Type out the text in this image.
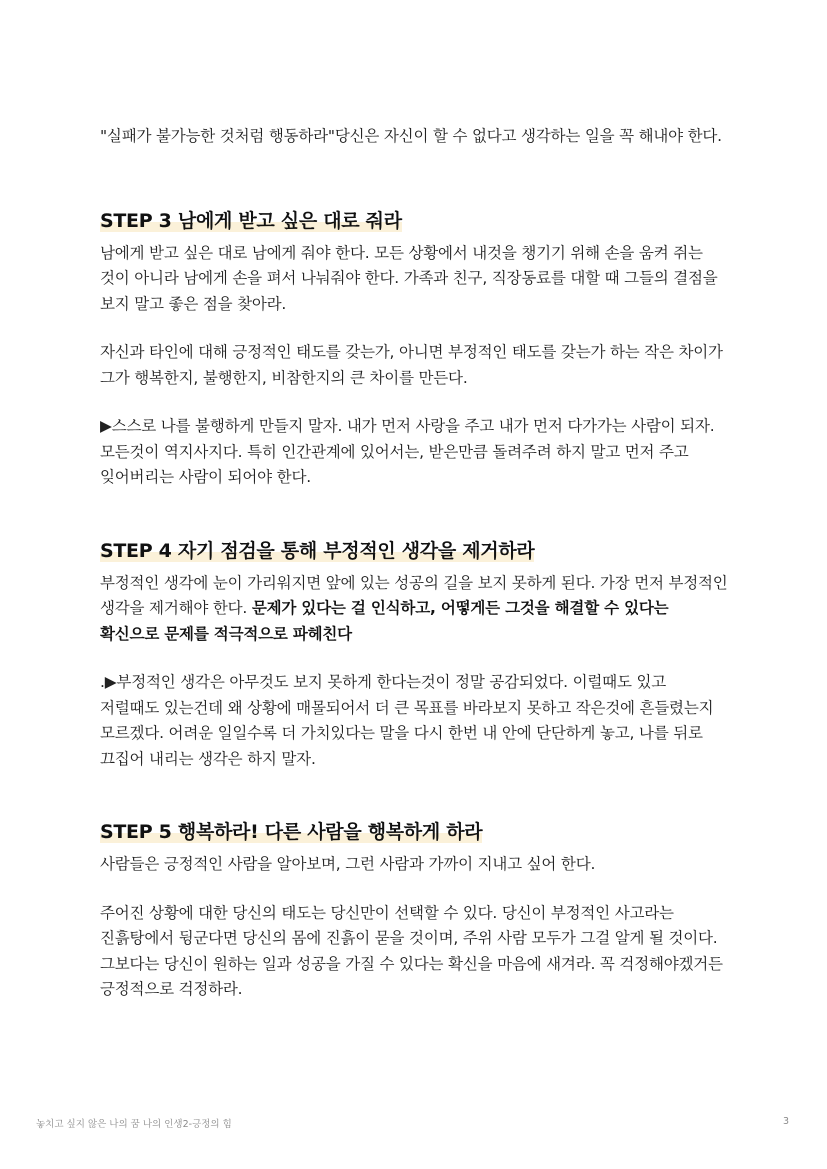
"실패가 불가능한 것처럼 행동하라"당신은 자신이 할 수 없다고 생각하는 일을 꼭 해내야 한다.

STEP 3 남에게 받고 싶은 대로 줘라

남에게 받고 싶은 대로 남에게 줘야 한다. 모든 상황에서 내것을 챙기기 위해 손을 움켜 쥐는 것이 아니라 남에게 손을 펴서 나눠줘야 한다. 가족과 친구, 직장동료를 대할 때 그들의 결점을 보지 말고 좋은 점을 찾아라.

자신과 타인에 대해 긍정적인 태도를 갖는가, 아니면 부정적인 태도를 갖는가 하는 작은 차이가 그가 행복한지, 불행한지, 비참한지의 큰 차이를 만든다.

▶스스로 나를 불행하게 만들지 말자. 내가 먼저 사랑을 주고 내가 먼저 다가가는 사람이 되자. 모든것이 역지사지다. 특히 인간관계에 있어서는, 받은만큼 돌려주려 하지 말고 먼저 주고 잊어버리는 사람이 되어야 한다.

STEP 4 자기 점검을 통해 부정적인 생각을 제거하라

부정적인 생각에 눈이 가리워지면 앞에 있는 성공의 길을 보지 못하게 된다. 가장 먼저 부정적인 생각을 제거해야 한다. 문제가 있다는 걸 인식하고, 어떻게든 그것을 해결할 수 있다는 확신으로 문제를 적극적으로 파헤친다

.▶부정적인 생각은 아무것도 보지 못하게 한다는것이 정말 공감되었다. 이럴때도 있고 저럴때도 있는건데 왜 상황에 매몰되어서 더 큰 목표를 바라보지 못하고 작은것에 흔들렸는지 모르겠다. 어려운 일일수록 더 가치있다는 말을 다시 한번 내 안에 단단하게 놓고, 나를 뒤로 끄집어 내리는 생각은 하지 말자.

STEP 5 행복하라! 다른 사람을 행복하게 하라

사람들은 긍정적인 사람을 알아보며, 그런 사람과 가까이 지내고 싶어 한다.

주어진 상황에 대한 당신의 태도는 당신만이 선택할 수 있다. 당신이 부정적인 사고라는 진흙탕에서 뒹군다면 당신의 몸에 진흙이 묻을 것이며, 주위 사람 모두가 그걸 알게 될 것이다. 그보다는 당신이 원하는 일과 성공을 가질 수 있다는 확신을 마음에 새겨라. 꼭 걱정해야겠거든 긍정적으로 걱정하라.

놓치고 싶지 않은 나의 꿈 나의 인생2-긍정의 힘	3
